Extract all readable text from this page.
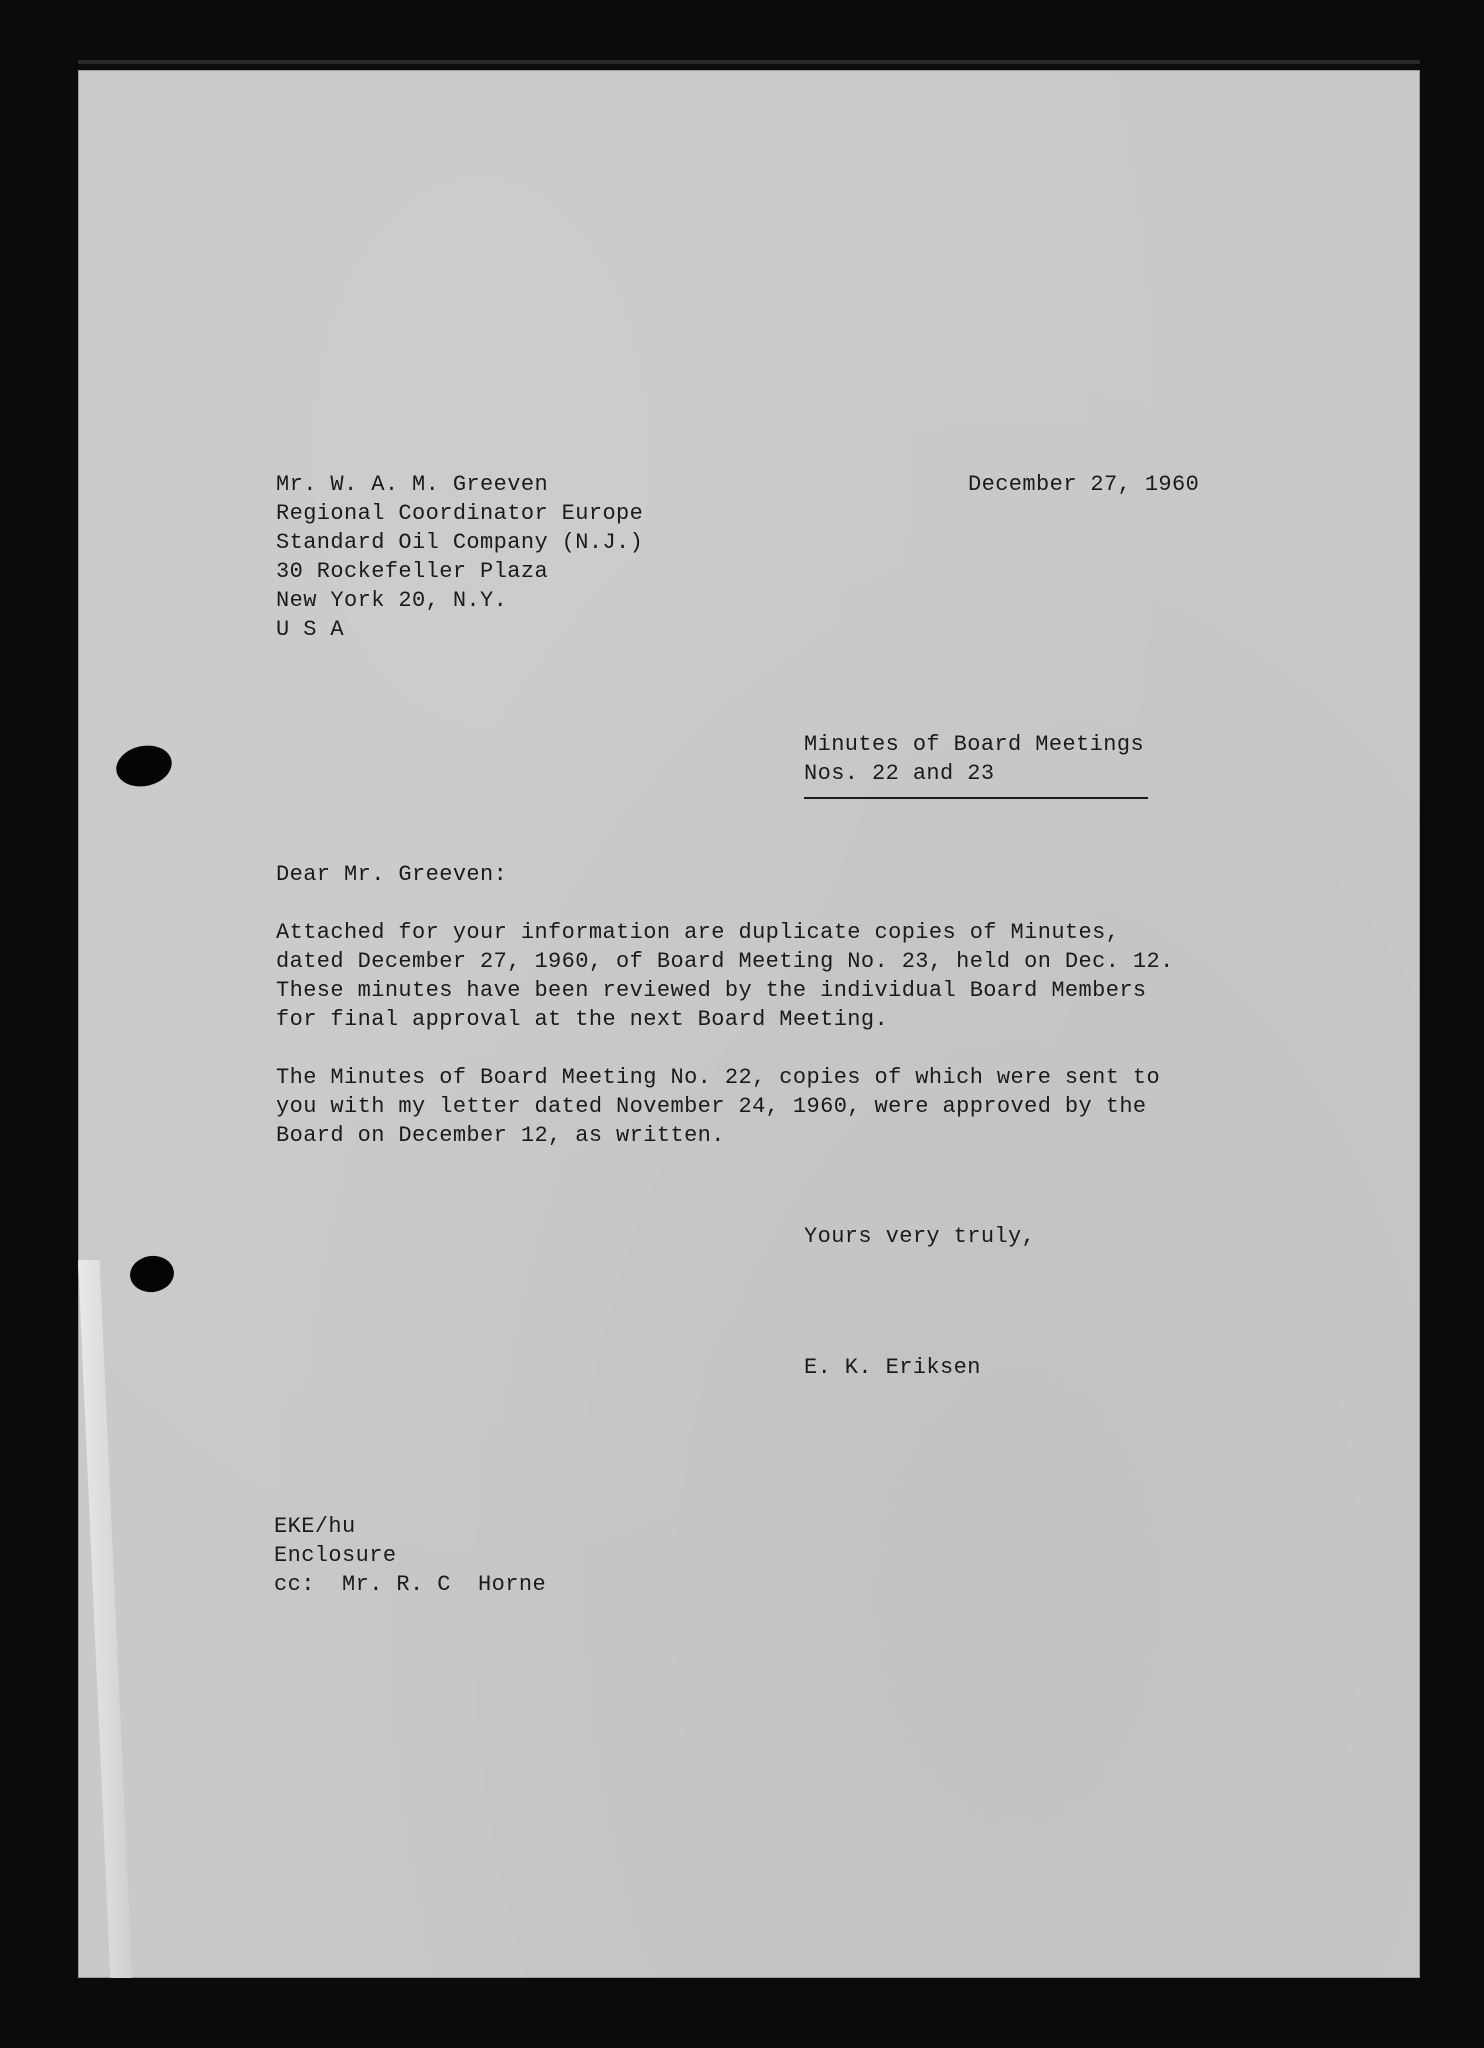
Mr. W. A. M. Greeven
Regional Coordinator Europe
Standard Oil Company (N.J.)
30 Rockefeller Plaza
New York 20, N.Y.
U S A
December 27, 1960
Minutes of Board Meetings
Nos. 22 and 23
Dear Mr. Greeven:
Attached for your information are duplicate copies of Minutes,
dated December 27, 1960, of Board Meeting No. 23, held on Dec. 12.
These minutes have been reviewed by the individual Board Members
for final approval at the next Board Meeting.
The Minutes of Board Meeting No. 22, copies of which were sent to
you with my letter dated November 24, 1960, were approved by the
Board on December 12, as written.
Yours very truly,
E. K. Eriksen
EKE/hu
Enclosure
cc:  Mr. R. C  Horne
